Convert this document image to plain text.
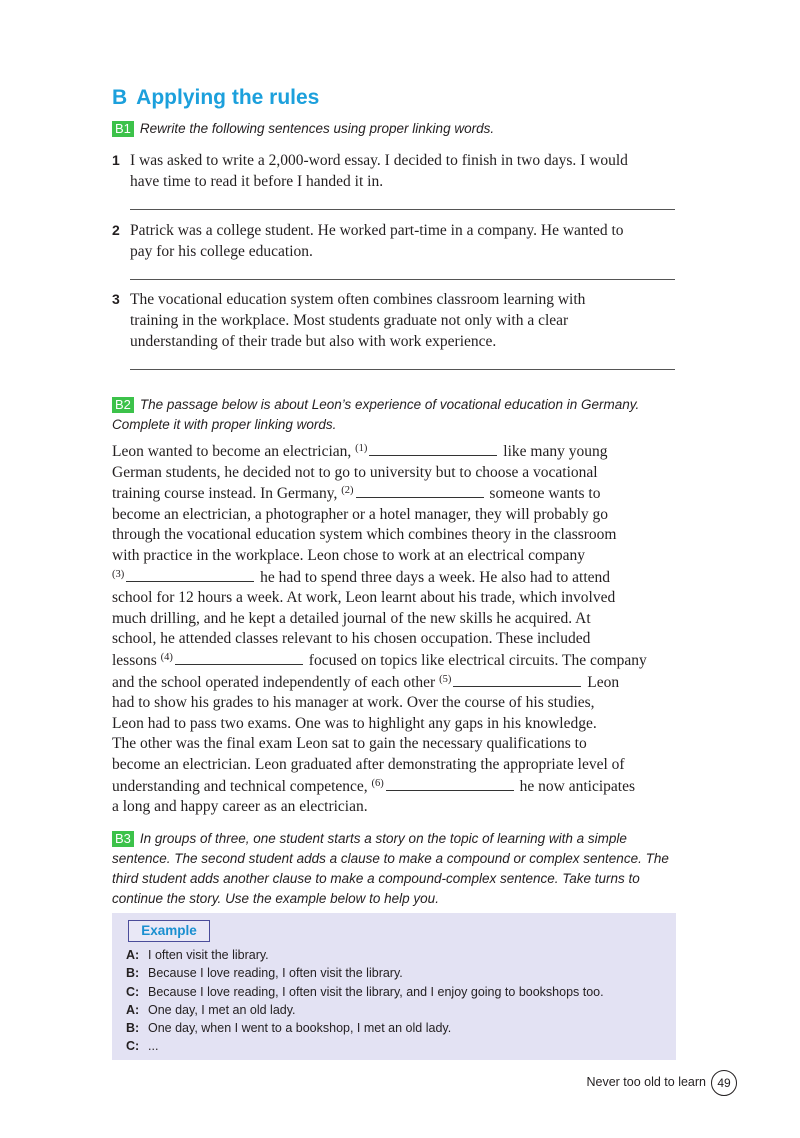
B Applying the rules
B1 Rewrite the following sentences using proper linking words.
1 I was asked to write a 2,000-word essay. I decided to finish in two days. I would
have time to read it before I handed it in.
2 Patrick was a college student. He worked part-time in a company. He wanted to
pay for his college education.
3 The vocational education system often combines classroom learning with
training in the workplace. Most students graduate not only with a clear
understanding of their trade but also with work experience.
B2 The passage below is about Leon’s experience of vocational education in Germany.
Complete it with proper linking words.
Leon wanted to become an electrician, $^{(1)}$	like many young
German students, he decided not to go to university but to choose a vocational
training course instead. In Germany, $^{(2)}$	someone wants to
become an electrician, a photographer or a hotel manager, they will probably go
through the vocational education system which combines theory in the classroom
with practice in the workplace. Leon chose to work at an electrical company
$^{(3)}$	he had to spend three days a week. He also had to attend
school for 12 hours a week. At work, Leon learnt about his trade, which involved
much drilling, and he kept a detailed journal of the new skills he acquired. At
school, he attended classes relevant to his chosen occupation. These included
lessons $^{(4)}$	focused on topics like electrical circuits. The company
and the school operated independently of each other $^{(5)}$	Leon
had to show his grades to his manager at work. Over the course of his studies,
Leon had to pass two exams. One was to highlight any gaps in his knowledge.
The other was the final exam Leon sat to gain the necessary qualifications to
become an electrician. Leon graduated after demonstrating the appropriate level of
understanding and technical competence, $^{(6)}$	he now anticipates
a long and happy career as an electrician.
B3 In groups of three, one student starts a story on the topic of learning with a simple
sentence. The second student adds a clause to make a compound or complex sentence. The
third student adds another clause to make a compound-complex sentence. Take turns to
continue the story. Use the example below to help you.
Example
A: I often visit the library.
B: Because I love reading, I often visit the library.
C: Because I love reading, I often visit the library, and I enjoy going to bookshops too.
A: One day, I met an old lady.
B: One day, when I went to a bookshop, I met an old lady.
C: ...
Never too old to learn 49
